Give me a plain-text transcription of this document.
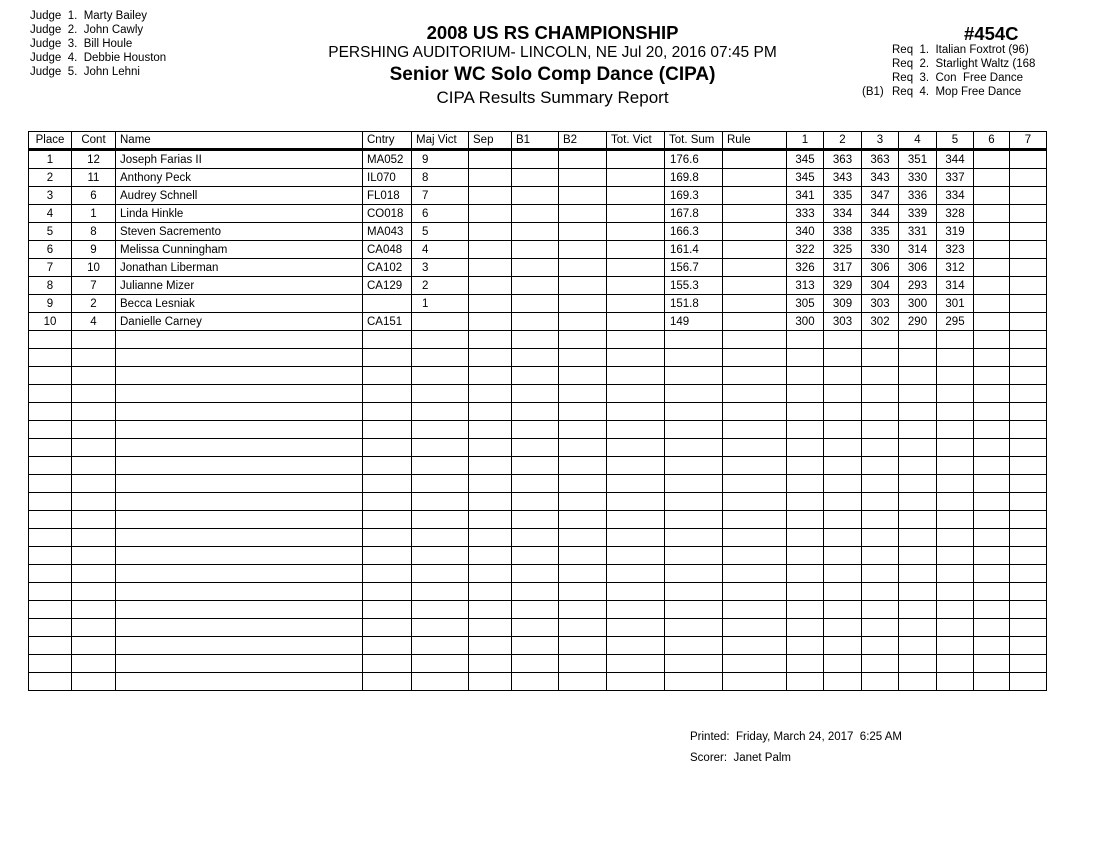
Judge  1.  Marty Bailey
Judge  2.  John Cawly
Judge  3.  Bill Houle
Judge  4.  Debbie Houston
Judge  5.  John Lehni
2008 US RS CHAMPIONSHIP
PERSHING AUDITORIUM- LINCOLN, NE Jul 20, 2016 07:45 PM
Senior WC Solo Comp Dance (CIPA)
CIPA Results Summary Report
#454C
Req  1.  Italian Foxtrot (96)
Req  2.  Starlight Waltz (168
Req  3.  Con  Free Dance
(B1) Req  4.  Mop Free Dance
Place	Cont	Name	Cntry	Maj Vict	Sep	B1	B2	Tot. Vict	Tot. Sum	Rule	1	2	3	4	5	6	7
1	12	Joseph Farias II	MA052	9					176.6		345	363	363	351	344		
2	11	Anthony Peck	IL070	8					169.8		345	343	343	330	337		
3	6	Audrey Schnell	FL018	7					169.3		341	335	347	336	334		
4	1	Linda Hinkle	CO018	6					167.8		333	334	344	339	328		
5	8	Steven Sacremento	MA043	5					166.3		340	338	335	331	319		
6	9	Melissa Cunningham	CA048	4					161.4		322	325	330	314	323		
7	10	Jonathan Liberman	CA102	3					156.7		326	317	306	306	312		
8	7	Julianne Mizer	CA129	2					155.3		313	329	304	293	314		
9	2	Becca Lesniak		1					151.8		305	309	303	300	301		
10	4	Danielle Carney	CA151						149		300	303	302	290	295		

Printed:  Friday, March 24, 2017  6:25 AM
Scorer:  Janet Palm
